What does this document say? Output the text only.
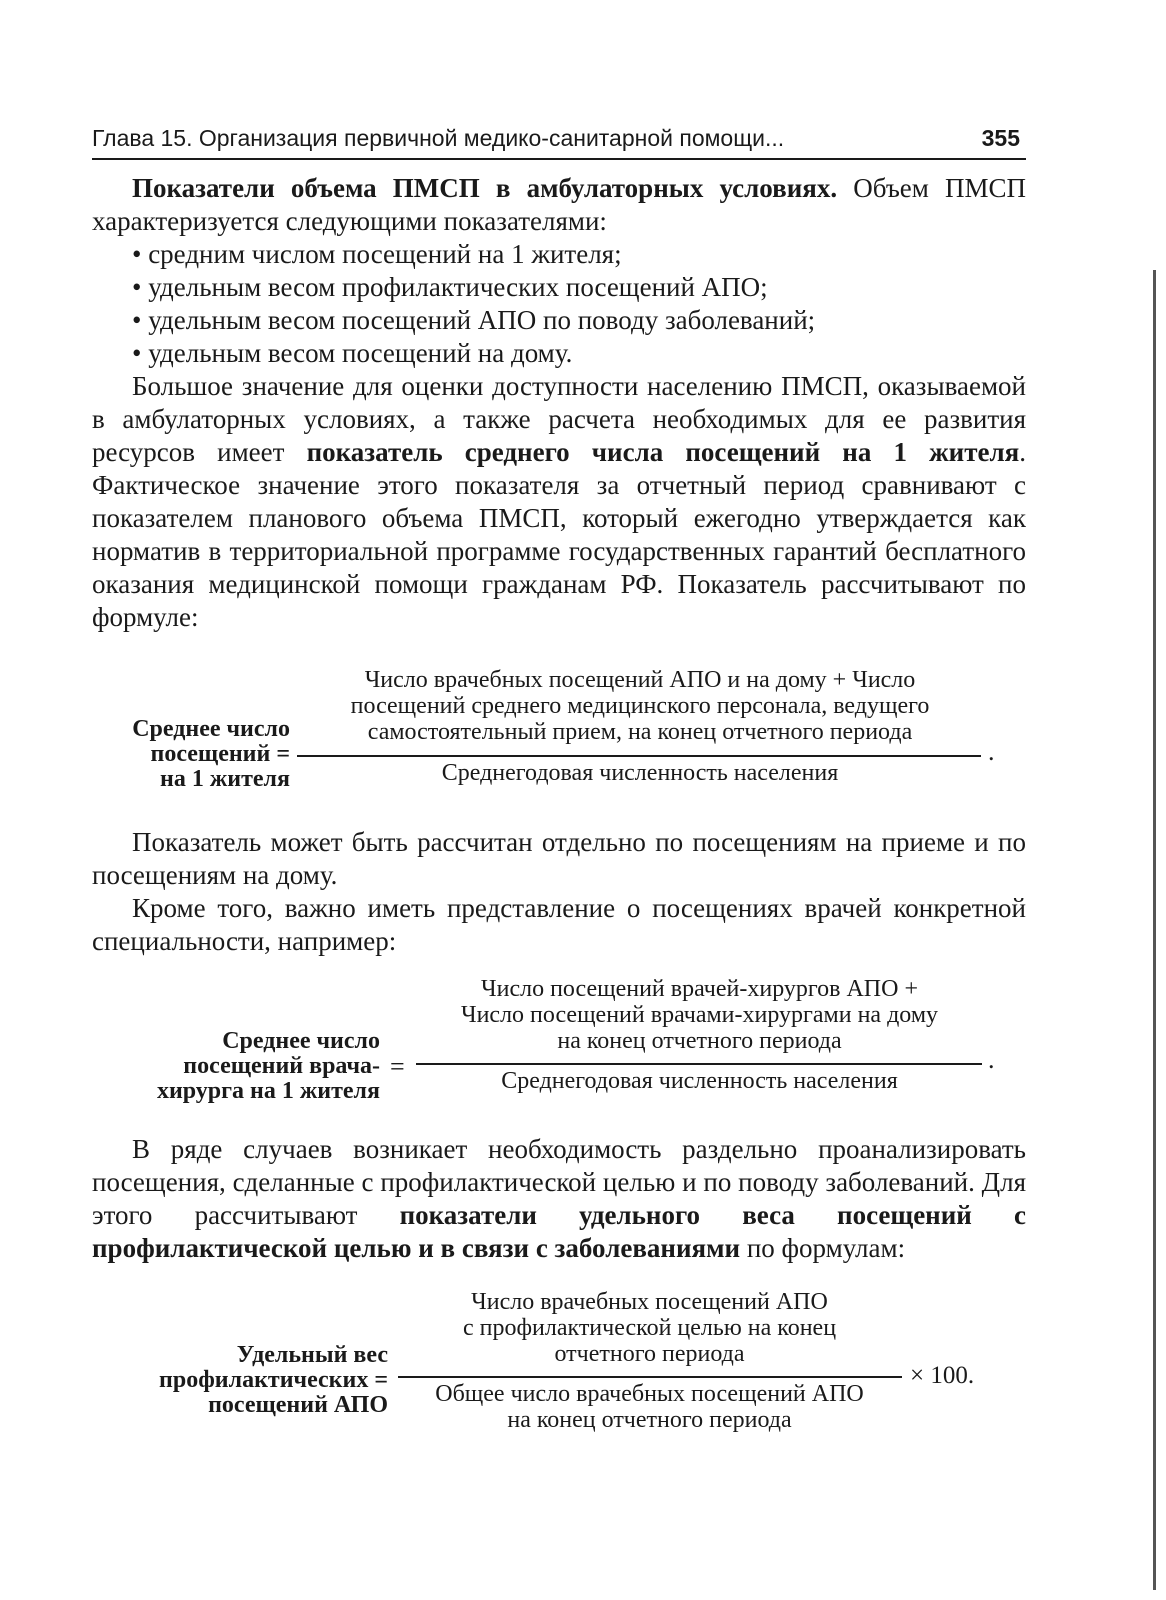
Глава 15. Организация первичной медико-санитарной помощи...	355

Показатели объема ПМСП в амбулаторных условиях. Объем ПМСП характеризуется следующими показателями:

• средним числом посещений на 1 жителя;
• удельным весом профилактических посещений АПО;
• удельным весом посещений АПО по поводу заболеваний;
• удельным весом посещений на дому.

Большое значение для оценки доступности населению ПМСП, оказываемой в амбулаторных условиях, а также расчета необходимых для ее развития ресурсов имеет показатель среднего числа посещений на 1 жителя. Фактическое значение этого показателя за отчетный период сравнивают с показателем планового объема ПМСП, который ежегодно утверждается как норматив в территориальной программе государственных гарантий бесплатного оказания медицинской помощи гражданам РФ. Показатель рассчитывают по формуле:

Среднее число
посещений =
на 1 жителя
Число врачебных посещений АПО и на дому + Число
посещений среднего медицинского персонала, ведущего
самостоятельный прием, на конец отчетного периода
Среднегодовая численность населения
.

Показатель может быть рассчитан отдельно по посещениям на приеме и по посещениям на дому.

Кроме того, важно иметь представление о посещениях врачей конкретной специальности, например:

Среднее число
посещений врача-
хирурга на 1 жителя
=
Число посещений врачей-хирургов АПО +
Число посещений врачами-хирургами на дому
на конец отчетного периода
Среднегодовая численность населения
.

В ряде случаев возникает необходимость раздельно проанализировать посещения, сделанные с профилактической целью и по поводу заболеваний. Для этого рассчитывают показатели удельного веса посещений с профилактической целью и в связи с заболеваниями по формулам:

Удельный вес
профилактических =
посещений АПО
Число врачебных посещений АПО
с профилактической целью на конец
отчетного периода
Общее число врачебных посещений АПО
на конец отчетного периода
× 100.
